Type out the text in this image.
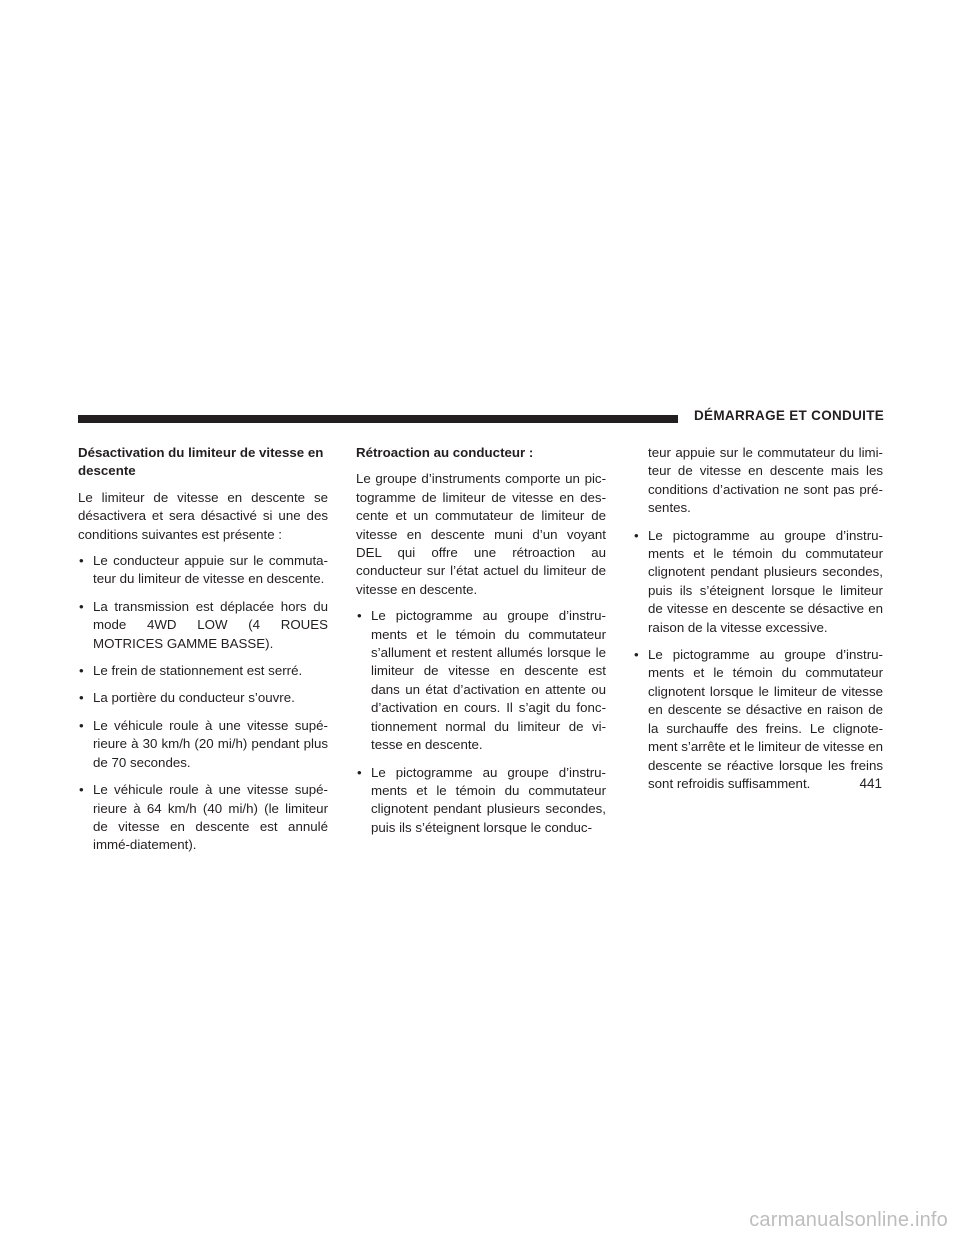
DÉMARRAGE ET CONDUITE
Désactivation du limiteur de vitesse en descente

Le limiteur de vitesse en descente se désactivera et sera désactivé si une des conditions suivantes est présente :

• Le conducteur appuie sur le commuta-teur du limiteur de vitesse en descente.
• La transmission est déplacée hors du mode 4WD LOW (4 ROUES MOTRICES GAMME BASSE).
• Le frein de stationnement est serré.
• La portière du conducteur s’ouvre.
• Le véhicule roule à une vitesse supé-rieure à 30 km/h (20 mi/h) pendant plus de 70 secondes.
• Le véhicule roule à une vitesse supé-rieure à 64 km/h (40 mi/h) (le limiteur de vitesse en descente est annulé immé-diatement).
Rétroaction au conducteur :

Le groupe d’instruments comporte un pic-togramme de limiteur de vitesse en des-cente et un commutateur de limiteur de vitesse en descente muni d’un voyant DEL qui offre une rétroaction au conducteur sur l’état actuel du limiteur de vitesse en descente.

• Le pictogramme au groupe d’instru-ments et le témoin du commutateur s’allument et restent allumés lorsque le limiteur de vitesse en descente est dans un état d’activation en attente ou d’activation en cours. Il s’agit du fonc-tionnement normal du limiteur de vi-tesse en descente.
• Le pictogramme au groupe d’instru-ments et le témoin du commutateur clignotent pendant plusieurs secondes, puis ils s’éteignent lorsque le conduc-
teur appuie sur le commutateur du limi-teur de vitesse en descente mais les conditions d’activation ne sont pas pré-sentes.
• Le pictogramme au groupe d’instru-ments et le témoin du commutateur clignotent pendant plusieurs secondes, puis ils s’éteignent lorsque le limiteur de vitesse en descente se désactive en raison de la vitesse excessive.
• Le pictogramme au groupe d’instru-ments et le témoin du commutateur clignotent lorsque le limiteur de vitesse en descente se désactive en raison de la surchauffe des freins. Le clignote-ment s’arrête et le limiteur de vitesse en descente se réactive lorsque les freins sont refroidis suffisamment.	441
carmanualsonline.info
